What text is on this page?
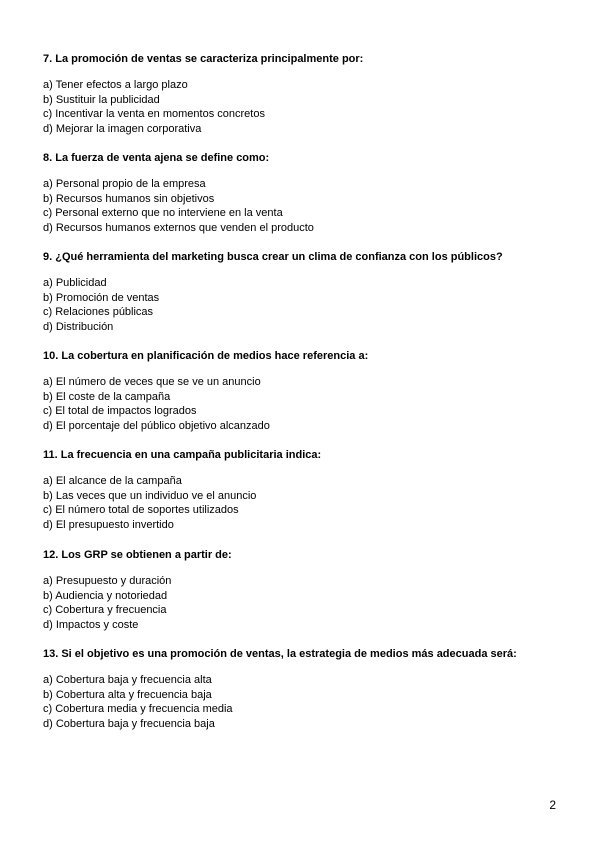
7. La promoción de ventas se caracteriza principalmente por:

a) Tener efectos a largo plazo
b) Sustituir la publicidad
c) Incentivar la venta en momentos concretos
d) Mejorar la imagen corporativa

8. La fuerza de venta ajena se define como:

a) Personal propio de la empresa
b) Recursos humanos sin objetivos
c) Personal externo que no interviene en la venta
d) Recursos humanos externos que venden el producto

9. ¿Qué herramienta del marketing busca crear un clima de confianza con los públicos?

a) Publicidad
b) Promoción de ventas
c) Relaciones públicas
d) Distribución

10. La cobertura en planificación de medios hace referencia a:

a) El número de veces que se ve un anuncio
b) El coste de la campaña
c) El total de impactos logrados
d) El porcentaje del público objetivo alcanzado

11. La frecuencia en una campaña publicitaria indica:

a) El alcance de la campaña
b) Las veces que un individuo ve el anuncio
c) El número total de soportes utilizados
d) El presupuesto invertido

12. Los GRP se obtienen a partir de:

a) Presupuesto y duración
b) Audiencia y notoriedad
c) Cobertura y frecuencia
d) Impactos y coste

13. Si el objetivo es una promoción de ventas, la estrategia de medios más adecuada será:

a) Cobertura baja y frecuencia alta
b) Cobertura alta y frecuencia baja
c) Cobertura media y frecuencia media
d) Cobertura baja y frecuencia baja
2
